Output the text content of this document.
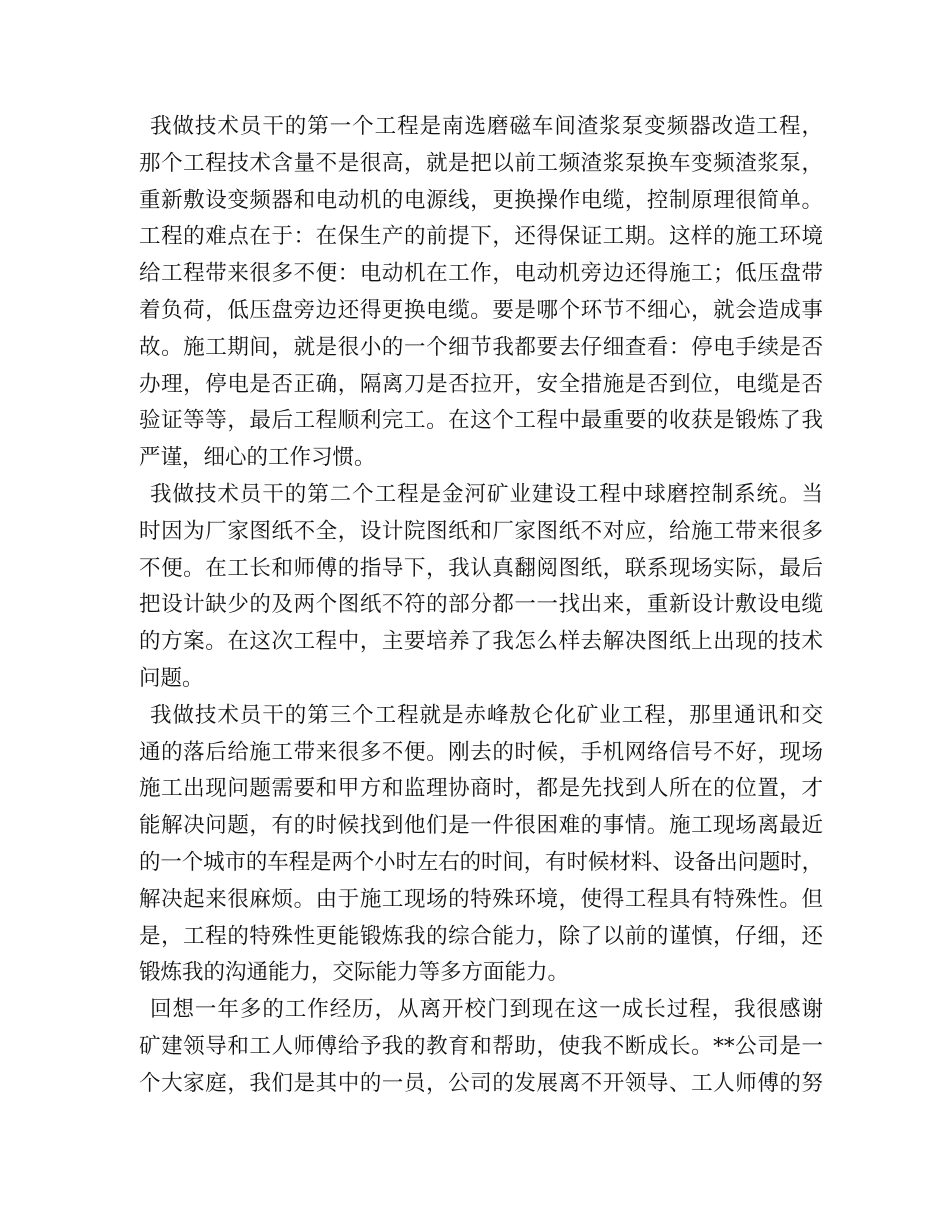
我做技术员干的第一个工程是南选磨磁车间渣浆泵变频器改造工程，
那个工程技术含量不是很高，就是把以前工频渣浆泵换车变频渣浆泵，
重新敷设变频器和电动机的电源线，更换操作电缆，控制原理很简单。
工程的难点在于：在保生产的前提下，还得保证工期。这样的施工环境
给工程带来很多不便：电动机在工作，电动机旁边还得施工；低压盘带
着负荷，低压盘旁边还得更换电缆。要是哪个环节不细心，就会造成事
故。施工期间，就是很小的一个细节我都要去仔细查看：停电手续是否
办理，停电是否正确，隔离刀是否拉开，安全措施是否到位，电缆是否
验证等等，最后工程顺利完工。在这个工程中最重要的收获是锻炼了我
严谨，细心的工作习惯。
我做技术员干的第二个工程是金河矿业建设工程中球磨控制系统。当
时因为厂家图纸不全，设计院图纸和厂家图纸不对应，给施工带来很多
不便。在工长和师傅的指导下，我认真翻阅图纸，联系现场实际，最后
把设计缺少的及两个图纸不符的部分都一一找出来，重新设计敷设电缆
的方案。在这次工程中，主要培养了我怎么样去解决图纸上出现的技术
问题。
我做技术员干的第三个工程就是赤峰敖仑化矿业工程，那里通讯和交
通的落后给施工带来很多不便。刚去的时候，手机网络信号不好，现场
施工出现问题需要和甲方和监理协商时，都是先找到人所在的位置，才
能解决问题，有的时候找到他们是一件很困难的事情。施工现场离最近
的一个城市的车程是两个小时左右的时间，有时候材料、设备出问题时，
解决起来很麻烦。由于施工现场的特殊环境，使得工程具有特殊性。但
是，工程的特殊性更能锻炼我的综合能力，除了以前的谨慎，仔细，还
锻炼我的沟通能力，交际能力等多方面能力。
回想一年多的工作经历，从离开校门到现在这一成长过程，我很感谢
矿建领导和工人师傅给予我的教育和帮助，使我不断成长。**公司是一
个大家庭，我们是其中的一员，公司的发展离不开领导、工人师傅的努
